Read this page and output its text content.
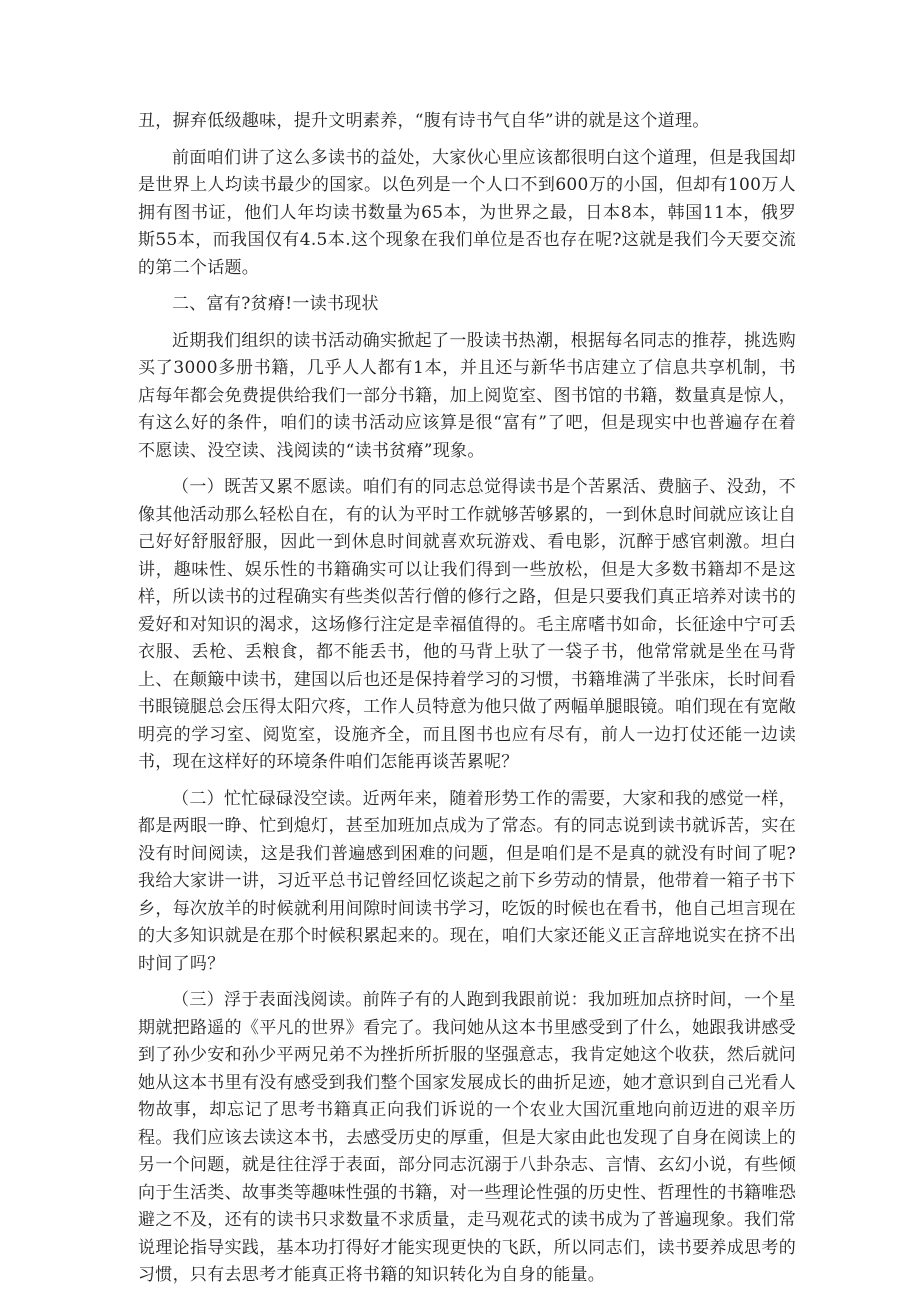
丑，摒弃低级趣味，提升文明素养，“腹有诗书气自华”讲的就是这个道理。

前面咱们讲了这么多读书的益处，大家伙心里应该都很明白这个道理，但是我国却是世界上人均读书最少的国家。以色列是一个人口不到600万的小国，但却有100万人拥有图书证，他们人年均读书数量为65本，为世界之最，日本8本，韩国11本，俄罗斯55本，而我国仅有4.5本.这个现象在我们单位是否也存在呢?这就是我们今天要交流的第二个话题。

二、富有?贫瘠!一读书现状

近期我们组织的读书活动确实掀起了一股读书热潮，根据每名同志的推荐，挑选购买了3000多册书籍，几乎人人都有1本，并且还与新华书店建立了信息共享机制，书店每年都会免费提供给我们一部分书籍，加上阅览室、图书馆的书籍，数量真是惊人，有这么好的条件，咱们的读书活动应该算是很“富有”了吧，但是现实中也普遍存在着不愿读、没空读、浅阅读的“读书贫瘠”现象。

（一）既苦又累不愿读。咱们有的同志总觉得读书是个苦累活、费脑子、没劲，不像其他活动那么轻松自在，有的认为平时工作就够苦够累的，一到休息时间就应该让自己好好舒服舒服，因此一到休息时间就喜欢玩游戏、看电影，沉醉于感官刺激。坦白讲，趣味性、娱乐性的书籍确实可以让我们得到一些放松，但是大多数书籍却不是这样，所以读书的过程确实有些类似苦行僧的修行之路，但是只要我们真正培养对读书的爱好和对知识的渴求，这场修行注定是幸福值得的。毛主席嗜书如命，长征途中宁可丢衣服、丢枪、丢粮食，都不能丢书，他的马背上驮了一袋子书，他常常就是坐在马背上、在颠簸中读书，建国以后也还是保持着学习的习惯，书籍堆满了半张床，长时间看书眼镜腿总会压得太阳穴疼，工作人员特意为他只做了两幅单腿眼镜。咱们现在有宽敞明亮的学习室、阅览室，设施齐全，而且图书也应有尽有，前人一边打仗还能一边读书，现在这样好的环境条件咱们怎能再谈苦累呢？

（二）忙忙碌碌没空读。近两年来，随着形势工作的需要，大家和我的感觉一样，都是两眼一睁、忙到熄灯，甚至加班加点成为了常态。有的同志说到读书就诉苦，实在没有时间阅读，这是我们普遍感到困难的问题，但是咱们是不是真的就没有时间了呢?我给大家讲一讲，习近平总书记曾经回忆谈起之前下乡劳动的情景，他带着一箱子书下乡，每次放羊的时候就利用间隙时间读书学习，吃饭的时候也在看书，他自己坦言现在的大多知识就是在那个时候积累起来的。现在，咱们大家还能义正言辞地说实在挤不出时间了吗？

（三）浮于表面浅阅读。前阵子有的人跑到我跟前说：我加班加点挤时间，一个星期就把路遥的《平凡的世界》看完了。我问她从这本书里感受到了什么，她跟我讲感受到了孙少安和孙少平两兄弟不为挫折所折服的坚强意志，我肯定她这个收获，然后就问她从这本书里有没有感受到我们整个国家发展成长的曲折足迹，她才意识到自己光看人物故事，却忘记了思考书籍真正向我们诉说的一个农业大国沉重地向前迈进的艰辛历程。我们应该去读这本书，去感受历史的厚重，但是大家由此也发现了自身在阅读上的另一个问题，就是往往浮于表面，部分同志沉溺于八卦杂志、言情、玄幻小说，有些倾向于生活类、故事类等趣味性强的书籍，对一些理论性强的历史性、哲理性的书籍唯恐避之不及，还有的读书只求数量不求质量，走马观花式的读书成为了普遍现象。我们常说理论指导实践，基本功打得好才能实现更快的飞跃，所以同志们，读书要养成思考的习惯，只有去思考才能真正将书籍的知识转化为自身的能量。
